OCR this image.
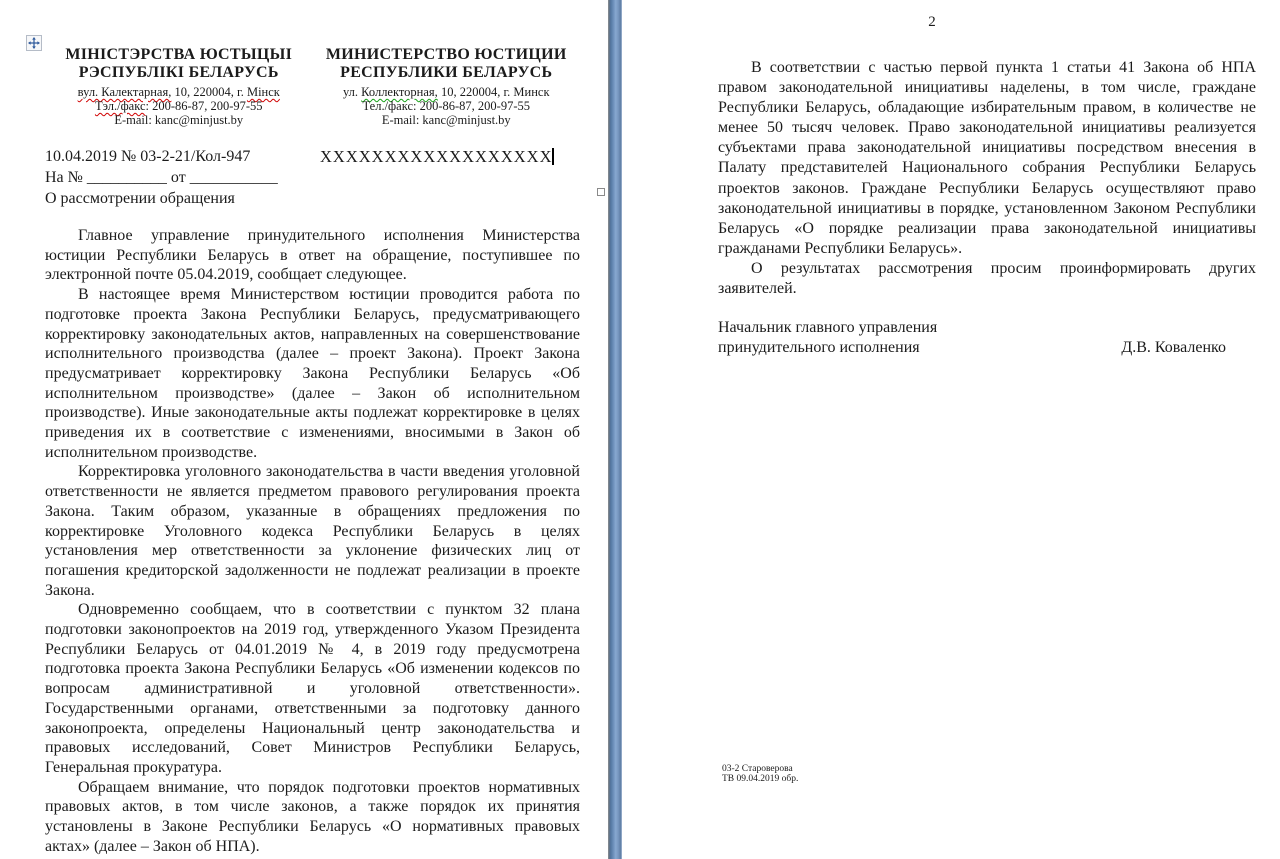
МІНІСТЭРСТВА ЮСТЫЦЫІ
РЭСПУБЛІКІ БЕЛАРУСЬ
вул. Калектарная, 10, 220004, г. Мінск
Тэл./факс: 200-86-87, 200-97-55
E-mail: kanc@minjust.by
МИНИСТЕРСТВО ЮСТИЦИИ
РЕСПУБЛИКИ БЕЛАРУСЬ
ул. Коллекторная, 10, 220004, г. Минск
Тел./факс: 200-86-87, 200-97-55
E-mail: kanc@minjust.by
10.04.2019 № 03-2-21/Кол-947
На № __________ от ___________
О рассмотрении обращения
XXXXXXXXXXXXXXXXXX

Главное управление принудительного исполнения Министерства юстиции Республики Беларусь в ответ на обращение, поступившее по электронной почте 05.04.2019, сообщает следующее.

В настоящее время Министерством юстиции проводится работа по подготовке проекта Закона Республики Беларусь, предусматривающего корректировку законодательных актов, направленных на совершенствование исполнительного производства (далее – проект Закона). Проект Закона предусматривает корректировку Закона Республики Беларусь «Об исполнительном производстве» (далее – Закон об исполнительном производстве). Иные законодательные акты подлежат корректировке в целях приведения их в соответствие с изменениями, вносимыми в Закон об исполнительном производстве.

Корректировка уголовного законодательства в части введения уголовной ответственности не является предметом правового регулирования проекта Закона. Таким образом, указанные в обращениях предложения по корректировке Уголовного кодекса Республики Беларусь в целях установления мер ответственности за уклонение физических лиц от погашения кредиторской задолженности не подлежат реализации в проекте Закона.

Одновременно сообщаем, что в соответствии с пунктом 32 плана подготовки законопроектов на 2019 год, утвержденного Указом Президента Республики Беларусь от 04.01.2019 № 4, в 2019 году предусмотрена подготовка проекта Закона Республики Беларусь «Об изменении кодексов по вопросам административной и уголовной ответственности». Государственными органами, ответственными за подготовку данного законопроекта, определены Национальный центр законодательства и правовых исследований, Совет Министров Республики Беларусь, Генеральная прокуратура.

Обращаем внимание, что порядок подготовки проектов нормативных правовых актов, в том числе законов, а также порядок их принятия установлены в Законе Республики Беларусь «О нормативных правовых актах» (далее – Закон об НПА).

2

В соответствии с частью первой пункта 1 статьи 41 Закона об НПА правом законодательной инициативы наделены, в том числе, граждане Республики Беларусь, обладающие избирательным правом, в количестве не менее 50 тысяч человек. Право законодательной инициативы реализуется субъектами права законодательной инициативы посредством внесения в Палату представителей Национального собрания Республики Беларусь проектов законов. Граждане Республики Беларусь осуществляют право законодательной инициативы в порядке, установленном Законом Республики Беларусь «О порядке реализации права законодательной инициативы гражданами Республики Беларусь».

О результатах рассмотрения просим проинформировать других заявителей.

Начальник главного управления
принудительного исполнения	Д.В. Коваленко
03-2 Староверова
ТВ 09.04.2019 обр.
